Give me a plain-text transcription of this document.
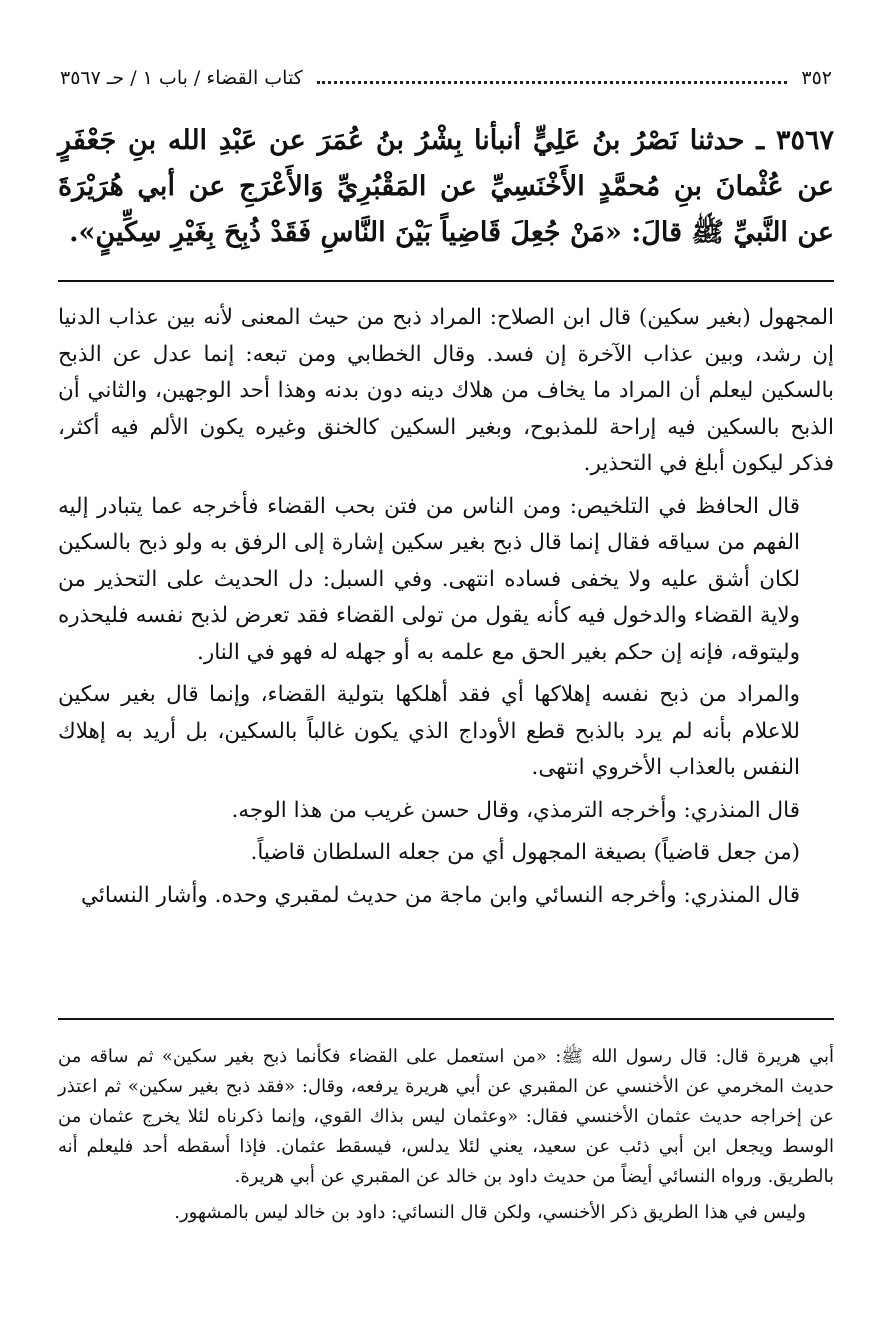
٣٥٢
كتاب القضاء / باب ١ / حـ ٣٥٦٧
٣٥٦٧ ـ حدثنا نَصْرُ بنُ عَلِيٍّ أنبأنا بِشْرُ بنُ عُمَرَ عن عَبْدِ الله بنِ جَعْفَرٍ عن عُثْمانَ بنِ مُحمَّدٍ الأَخْنَسِيِّ عن المَقْبُرِيِّ وَالأَعْرَجِ عن أبي هُرَيْرَةَ عن النَّبيِّ ﷺ قالَ: «مَنْ جُعِلَ قَاضِياً بَيْنَ النَّاسِ فَقَدْ ذُبِحَ بِغَيْرِ سِكِّينٍ».

المجهول (بغير سكين) قال ابن الصلاح: المراد ذبح من حيث المعنى لأنه بين عذاب الدنيا إن رشد، وبين عذاب الآخرة إن فسد. وقال الخطابي ومن تبعه: إنما عدل عن الذبح بالسكين ليعلم أن المراد ما يخاف من هلاك دينه دون بدنه وهذا أحد الوجهين، والثاني أن الذبح بالسكين فيه إراحة للمذبوح، وبغير السكين كالخنق وغيره يكون الألم فيه أكثر، فذكر ليكون أبلغ في التحذير.

قال الحافظ في التلخيص: ومن الناس من فتن بحب القضاء فأخرجه عما يتبادر إليه الفهم من سياقه فقال إنما قال ذبح بغير سكين إشارة إلى الرفق به ولو ذبح بالسكين لكان أشق عليه ولا يخفى فساده انتهى. وفي السبل: دل الحديث على التحذير من ولاية القضاء والدخول فيه كأنه يقول من تولى القضاء فقد تعرض لذبح نفسه فليحذره وليتوقه، فإنه إن حكم بغير الحق مع علمه به أو جهله له فهو في النار.

والمراد من ذبح نفسه إهلاكها أي فقد أهلكها بتولية القضاء، وإنما قال بغير سكين للاعلام بأنه لم يرد بالذبح قطع الأوداج الذي يكون غالباً بالسكين، بل أريد به إهلاك النفس بالعذاب الأخروي انتهى.

قال المنذري: وأخرجه الترمذي، وقال حسن غريب من هذا الوجه.

(من جعل قاضياً) بصيغة المجهول أي من جعله السلطان قاضياً.

قال المنذري: وأخرجه النسائي وابن ماجة من حديث لمقبري وحده. وأشار النسائي

أبي هريرة قال: قال رسول الله ﷺ: «من استعمل على القضاء فكأنما ذبح بغير سكين» ثم ساقه من حديث المخرمي عن الأخنسي عن المقبري عن أبي هريرة يرفعه، وقال: «فقد ذبح بغير سكين» ثم اعتذر عن إخراجه حديث عثمان الأخنسي فقال: «وعثمان ليس بذاك القوي، وإنما ذكرناه لئلا يخرج عثمان من الوسط ويجعل ابن أبي ذئب عن سعيد، يعني لئلا يدلس، فيسقط عثمان. فإذا أسقطه أحد فليعلم أنه بالطريق. ورواه النسائي أيضاً من حديث داود بن خالد عن المقبري عن أبي هريرة.

وليس في هذا الطريق ذكر الأخنسي، ولكن قال النسائي: داود بن خالد ليس بالمشهور.
